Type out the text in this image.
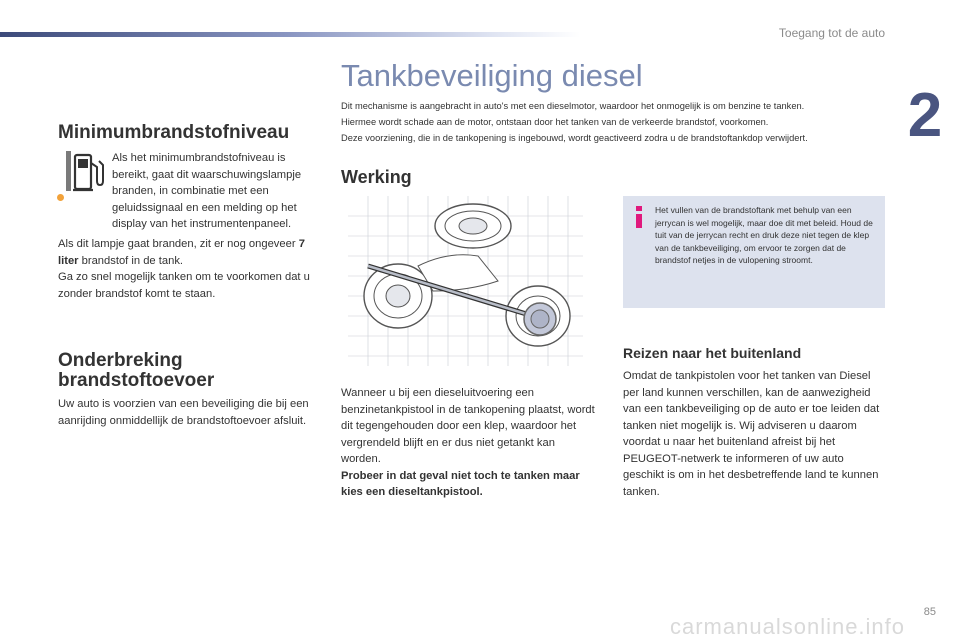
Toegang tot de auto
2
Tankbeveiliging diesel

Dit mechanisme is aangebracht in auto's met een dieselmotor, waardoor het onmogelijk is om benzine te tanken.

Hiermee wordt schade aan de motor, ontstaan door het tanken van de verkeerde brandstof, voorkomen.

Deze voorziening, die in de tankopening is ingebouwd, wordt geactiveerd zodra u de brandstoftankdop verwijdert.

Minimumbrandstofniveau

Als het minimumbrandstofniveau is bereikt, gaat dit waarschuwingslampje branden, in combinatie met een geluidssignaal en een melding op het display van het instrumentenpaneel.

Als dit lampje gaat branden, zit er nog ongeveer 7 liter brandstof in de tank.

Ga zo snel mogelijk tanken om te voorkomen dat u zonder brandstof komt te staan.

Onderbreking brandstoftoevoer

Uw auto is voorzien van een beveiliging die bij een aanrijding onmiddellijk de brandstoftoevoer afsluit.

Werking

Wanneer u bij een dieseluitvoering een benzinetankpistool in de tankopening plaatst, wordt dit tegengehouden door een klep, waardoor het vergrendeld blijft en er dus niet getankt kan worden.

Probeer in dat geval niet toch te tanken maar kies een dieseltankpistool.

Het vullen van de brandstoftank met behulp van een jerrycan is wel mogelijk, maar doe dit met beleid. Houd de tuit van de jerrycan recht en druk deze niet tegen de klep van de tankbeveiliging, om ervoor te zorgen dat de brandstof netjes in de vulopening stroomt.
Reizen naar het buitenland

Omdat de tankpistolen voor het tanken van Diesel per land kunnen verschillen, kan de aanwezigheid van een tankbeveiliging op de auto er toe leiden dat tanken niet mogelijk is. Wij adviseren u daarom voordat u naar het buitenland afreist bij het PEUGEOT-netwerk te informeren of uw auto geschikt is om in het desbetreffende land te kunnen tanken.

85
carmanualsonline.info
